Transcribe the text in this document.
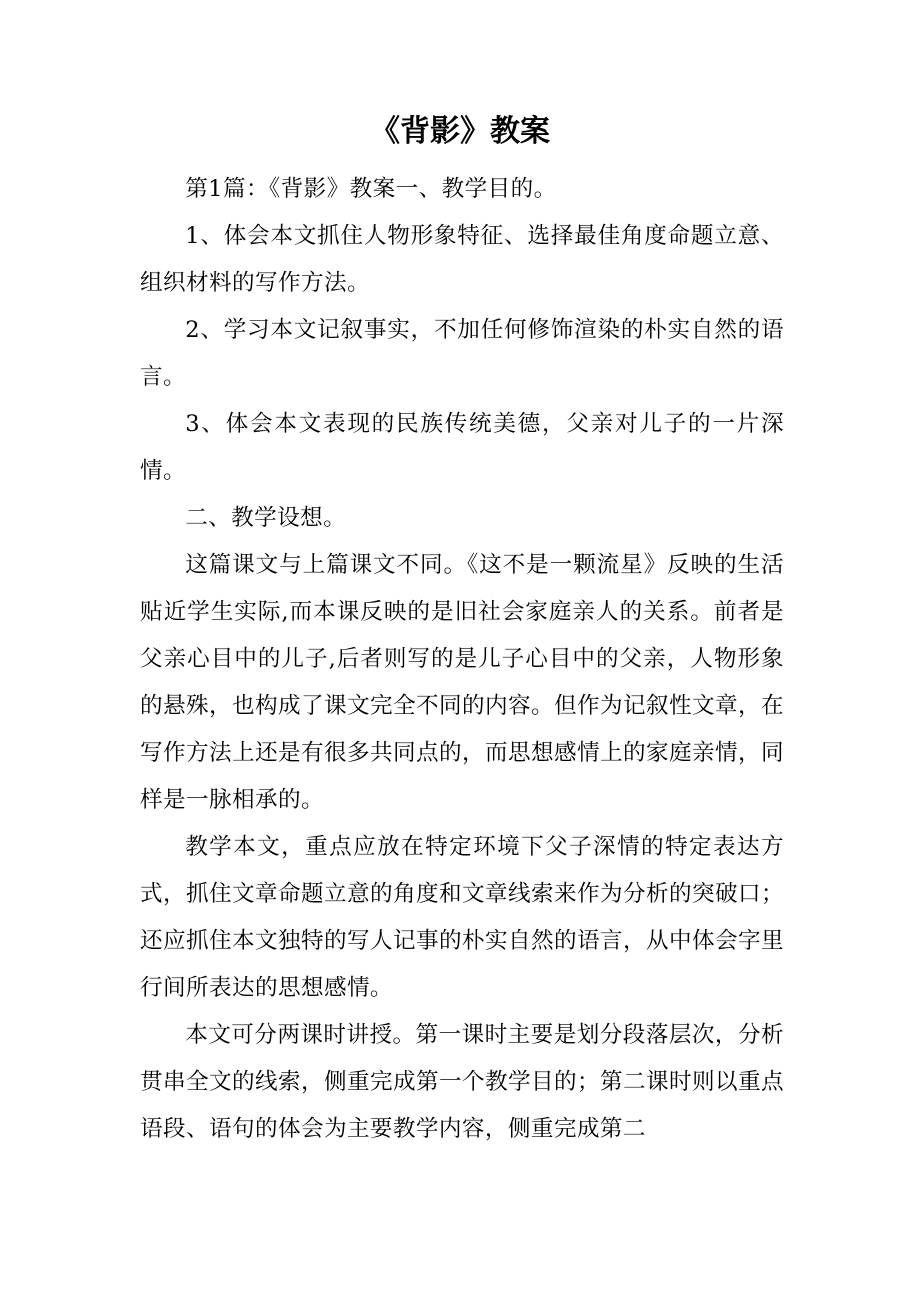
《背影》教案

第1篇：《背影》教案一、教学目的。

1、体会本文抓住人物形象特征、选择最佳角度命题立意、组织材料的写作方法。

2、学习本文记叙事实，不加任何修饰渲染的朴实自然的语言。

3、体会本文表现的民族传统美德，父亲对儿子的一片深情。

二、教学设想。

这篇课文与上篇课文不同。《这不是一颗流星》反映的生活贴近学生实际,而本课反映的是旧社会家庭亲人的关系。前者是父亲心目中的儿子,后者则写的是儿子心目中的父亲，人物形象的悬殊，也构成了课文完全不同的内容。但作为记叙性文章，在写作方法上还是有很多共同点的，而思想感情上的家庭亲情，同样是一脉相承的。

教学本文，重点应放在特定环境下父子深情的特定表达方式，抓住文章命题立意的角度和文章线索来作为分析的突破口；还应抓住本文独特的写人记事的朴实自然的语言，从中体会字里行间所表达的思想感情。

本文可分两课时讲授。第一课时主要是划分段落层次，分析贯串全文的线索，侧重完成第一个教学目的；第二课时则以重点语段、语句的体会为主要教学内容，侧重完成第二
